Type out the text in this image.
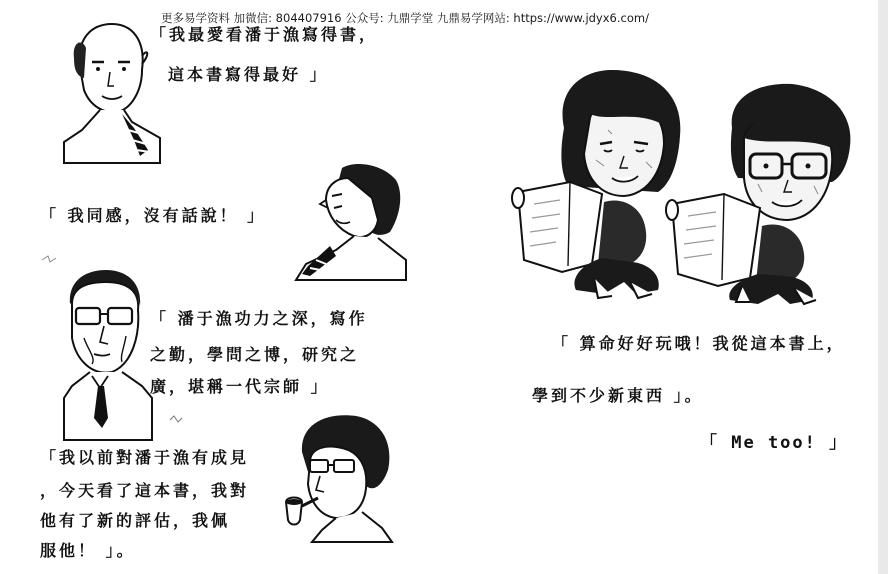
更多易学资料 加微信: 804407916 公众号: 九鼎学堂 九鼎易学网站: https://www.jdyx6.com/
「我最愛看潘于漁寫得書，
這本書寫得最好 」
「 我同感，沒有話說！ 」
「 潘于漁功力之深，寫作
之勤，學問之博，研究之
廣，堪稱一代宗師 」
「我以前對潘于漁有成見
，今天看了這本書，我對
他有了新的評估，我佩
服他！ 」。
「 算命好好玩哦！我從這本書上，
學到不少新東西 」。
「 Me too! 」
